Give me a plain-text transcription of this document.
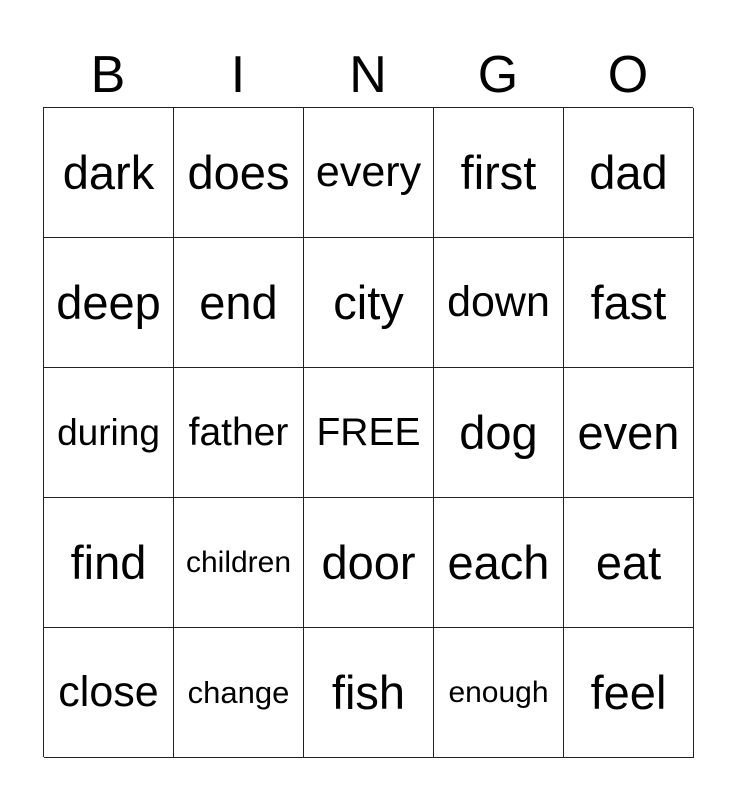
B	I	N	G	O
dark does every first	dad
deep end	city	down fast
during father FREE dog even
find	children door each eat
close change fish	enough feel
